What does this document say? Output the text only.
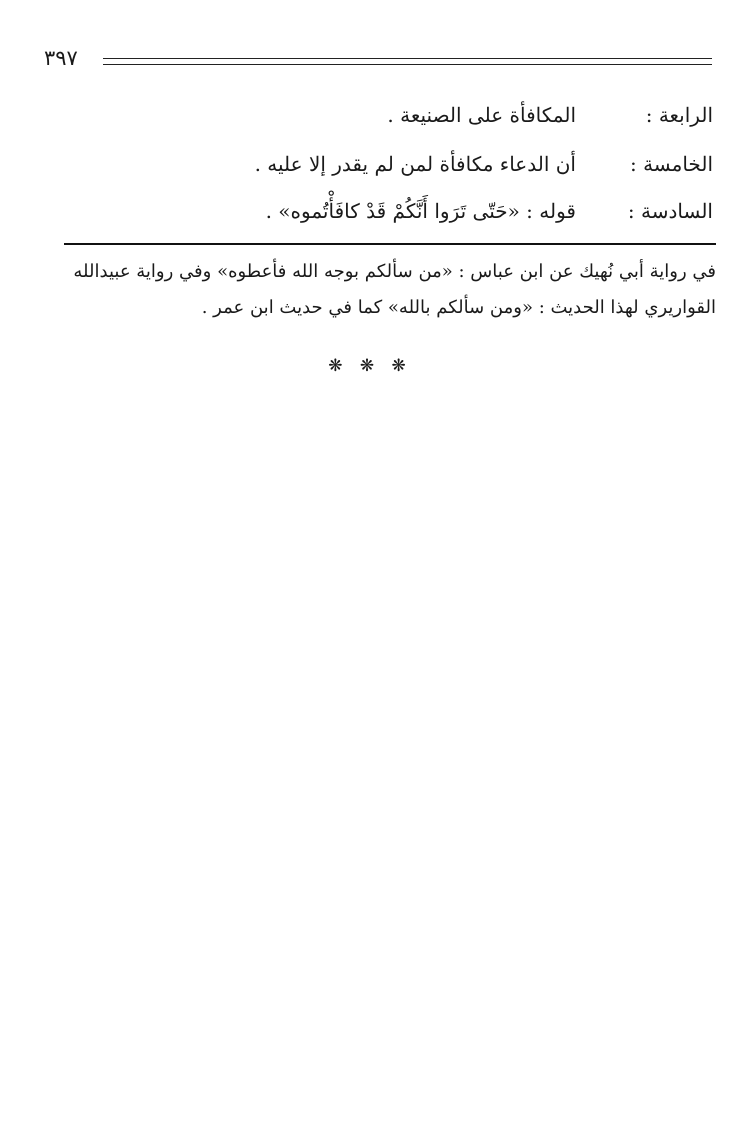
٣٩٧
الرابعة :
المكافأة على الصنيعة .
الخامسة :
أن الدعاء مكافأة لمن لم يقدر إلا عليه .
السادسة :
قوله : «حَتّى تَرَوا أَنَّكُمْ قَدْ كافَأْتُموه» .

في رواية أبي نُهيك عن ابن عباس : «من سألكم بوجه الله فأعطوه» وفي رواية عبيدالله

القواريري لهذا الحديث : «ومن سألكم بالله» كما في حديث ابن عمر .

❋ ❋ ❋
